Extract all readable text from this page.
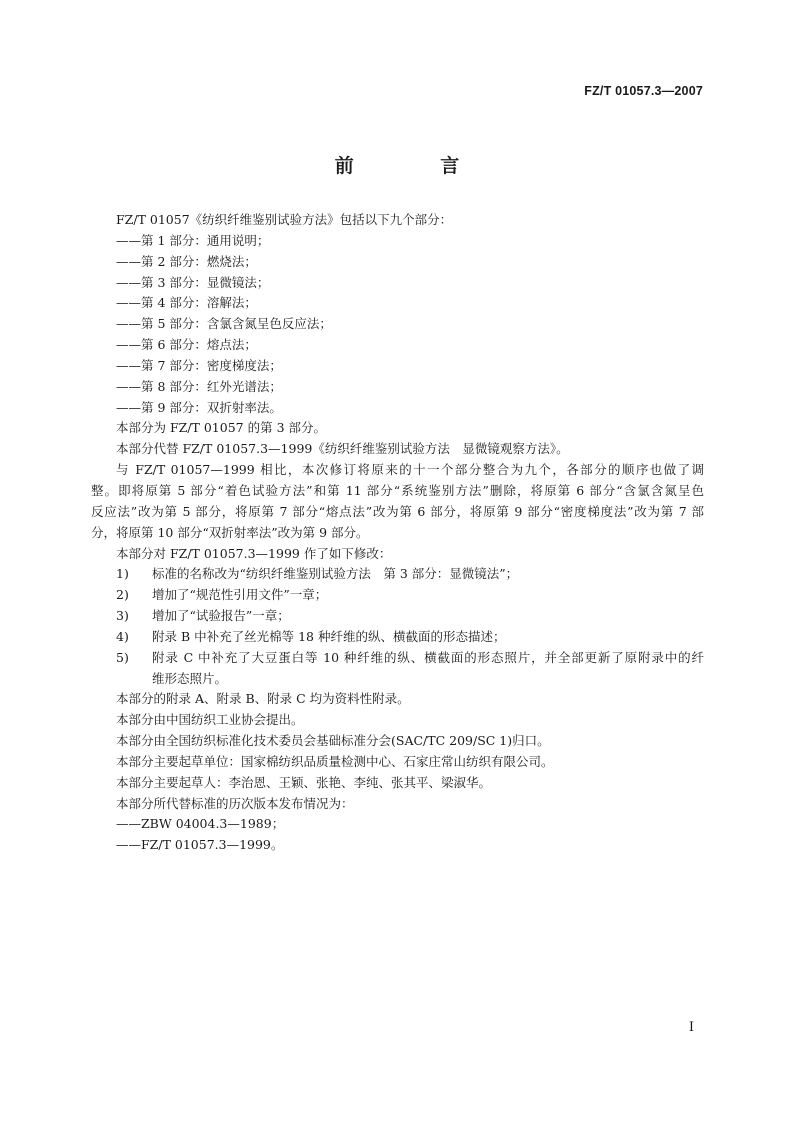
FZ/T 01057.3—2007
前 言
FZ/T 01057《纺织纤维鉴别试验方法》包括以下九个部分：
——第 1 部分：通用说明；
——第 2 部分：燃烧法；
——第 3 部分：显微镜法；
——第 4 部分：溶解法；
——第 5 部分：含氯含氮呈色反应法；
——第 6 部分：熔点法；
——第 7 部分：密度梯度法；
——第 8 部分：红外光谱法；
——第 9 部分：双折射率法。
本部分为 FZ/T 01057 的第 3 部分。
本部分代替 FZ/T 01057.3—1999《纺织纤维鉴别试验方法　显微镜观察方法》。
与 FZ/T 01057—1999 相比，本次修订将原来的十一个部分整合为九个，各部分的顺序也做了调
整。即将原第 5 部分“着色试验方法”和第 11 部分“系统鉴别方法”删除，将原第 6 部分“含氯含氮呈色
反应法”改为第 5 部分，将原第 7 部分“熔点法”改为第 6 部分，将原第 9 部分“密度梯度法”改为第 7 部
分，将原第 10 部分“双折射率法”改为第 9 部分。
本部分对 FZ/T 01057.3—1999 作了如下修改：
1)	标准的名称改为“纺织纤维鉴别试验方法　第 3 部分：显微镜法”；
2)	增加了“规范性引用文件”一章；
3)	增加了“试验报告”一章；
4)	附录 B 中补充了丝光棉等 18 种纤维的纵、横截面的形态描述；
5)	附录 C 中补充了大豆蛋白等 10 种纤维的纵、横截面的形态照片，并全部更新了原附录中的纤
维形态照片。
本部分的附录 A、附录 B、附录 C 均为资料性附录。
本部分由中国纺织工业协会提出。
本部分由全国纺织标准化技术委员会基础标准分会(SAC/TC 209/SC 1)归口。
本部分主要起草单位：国家棉纺织品质量检测中心、石家庄常山纺织有限公司。
本部分主要起草人：李治恩、王颖、张艳、李纯、张其平、梁淑华。
本部分所代替标准的历次版本发布情况为：
——ZBW 04004.3—1989；
——FZ/T 01057.3—1999。
I
